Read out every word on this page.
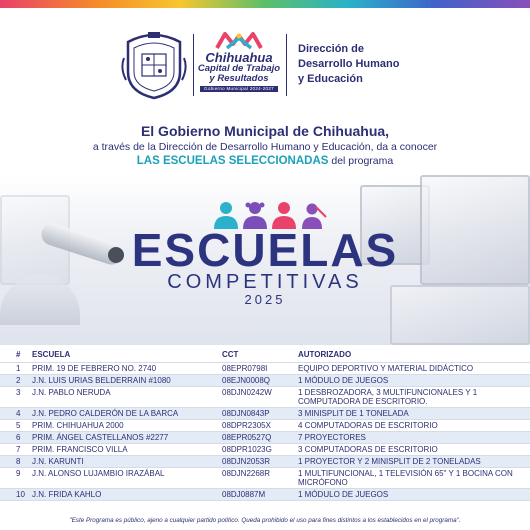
Chihuahua
Capital de Trabajo
y Resultados
Gobierno Municipal 2024-2027
Dirección de
Desarrollo Humano
y Educación
El Gobierno Municipal de Chihuahua,
a través de la Dirección de Desarrollo Humano y Educación, da a conocer
LAS ESCUELAS SELECCIONADAS del programa
ESCUELAS
COMPETITIVAS
2025
#	ESCUELA	CCT	AUTORIZADO
1	PRIM. 19 DE FEBRERO NO. 2740	08EPR0798I	EQUIPO DEPORTIVO Y MATERIAL DIDÁCTICO
2	J.N. LUIS URIAS BELDERRAIN #1080	08EJN0008Q	1 MÓDULO DE JUEGOS
3	J.N. PABLO NERUDA	08DJN0242W	1 DESBROZADORA, 3 MULTIFUNCIONALES Y 1 COMPUTADORA DE ESCRITORIO.
4	J.N. PEDRO CALDERÓN DE LA BARCA	08DJN0843P	3 MINISPLIT DE 1 TONELADA
5	PRIM. CHIHUAHUA 2000	08DPR2305X	4 COMPUTADORAS DE ESCRITORIO
6	PRIM. ÁNGEL CASTELLANOS #2277	08EPR0527Q	7 PROYECTORES
7	PRIM. FRANCISCO VILLA	08DPR1023G	3 COMPUTADORAS DE ESCRITORIO
8	J.N. KARUNTI	08DJN2053R	1 PROYECTOR Y 2 MINISPLIT DE 2 TONELADAS
9	J.N. ALONSO LUJAMBIO IRAZÁBAL	08DJN2268R	1 MULTIFUNCIONAL, 1 TELEVISIÓN 65" Y 1 BOCINA CON MICRÓFONO
10	J.N. FRIDA KAHLO	08DJ0887M	1 MÓDULO DE JUEGOS
"Este Programa es público, ajeno a cualquier partido político. Queda prohibido el uso para fines distintos a los establecidos en el programa".
